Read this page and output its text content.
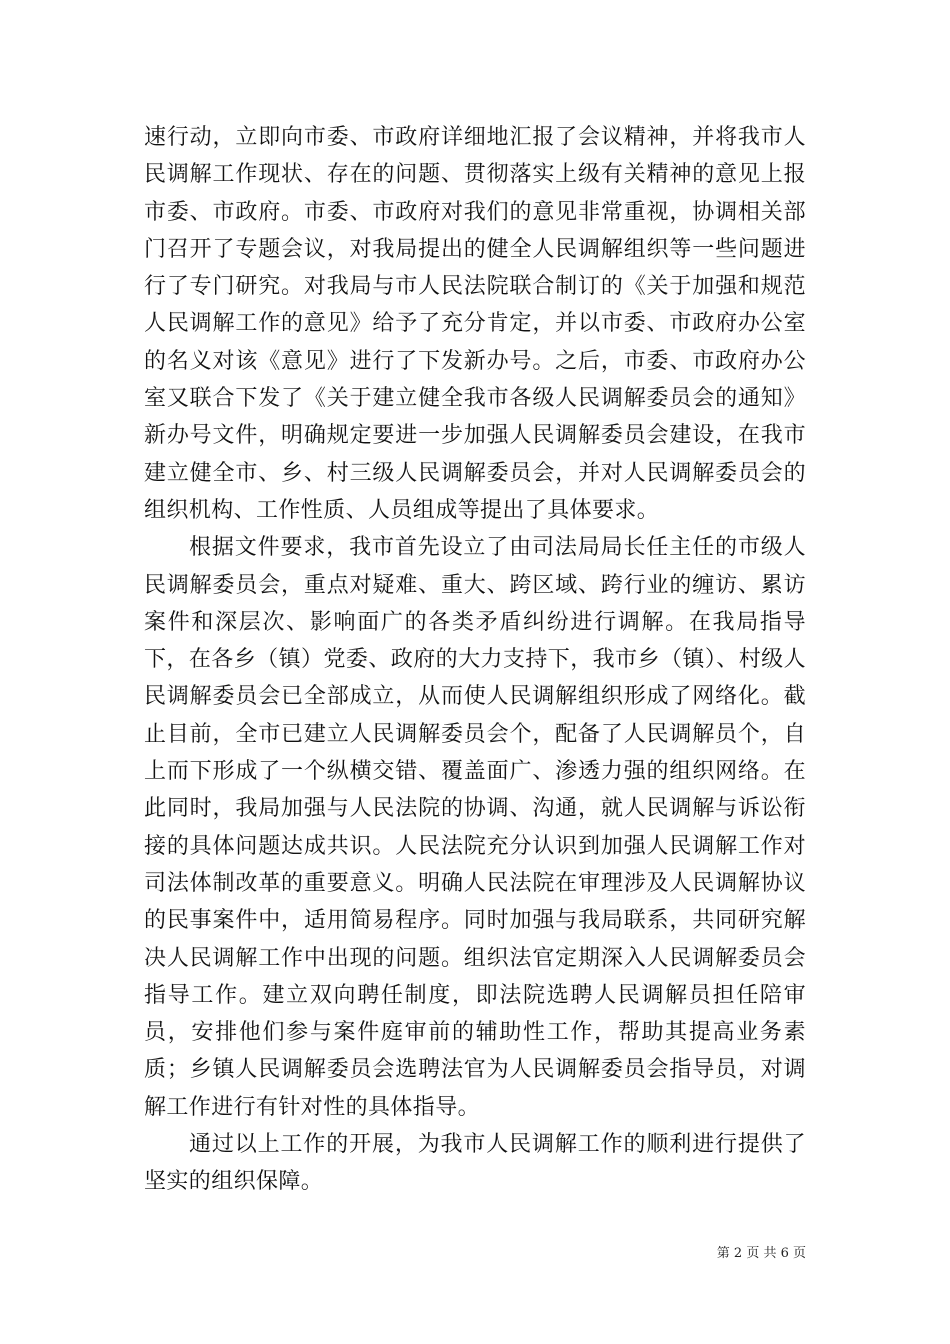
速行动，立即向市委、市政府详细地汇报了会议精神，并将我市人民调解工作现状、存在的问题、贯彻落实上级有关精神的意见上报市委、市政府。市委、市政府对我们的意见非常重视，协调相关部门召开了专题会议，对我局提出的健全人民调解组织等一些问题进行了专门研究。对我局与市人民法院联合制订的《关于加强和规范人民调解工作的意见》给予了充分肯定，并以市委、市政府办公室的名义对该《意见》进行了下发新办号。之后，市委、市政府办公室又联合下发了《关于建立健全我市各级人民调解委员会的通知》新办号文件，明确规定要进一步加强人民调解委员会建设，在我市建立健全市、乡、村三级人民调解委员会，并对人民调解委员会的组织机构、工作性质、人员组成等提出了具体要求。

根据文件要求，我市首先设立了由司法局局长任主任的市级人民调解委员会，重点对疑难、重大、跨区域、跨行业的缠访、累访案件和深层次、影响面广的各类矛盾纠纷进行调解。在我局指导下，在各乡（镇）党委、政府的大力支持下，我市乡（镇）、村级人民调解委员会已全部成立，从而使人民调解组织形成了网络化。截止目前，全市已建立人民调解委员会个，配备了人民调解员个，自上而下形成了一个纵横交错、覆盖面广、渗透力强的组织网络。在此同时，我局加强与人民法院的协调、沟通，就人民调解与诉讼衔接的具体问题达成共识。人民法院充分认识到加强人民调解工作对司法体制改革的重要意义。明确人民法院在审理涉及人民调解协议的民事案件中，适用简易程序。同时加强与我局联系，共同研究解决人民调解工作中出现的问题。组织法官定期深入人民调解委员会指导工作。建立双向聘任制度，即法院选聘人民调解员担任陪审员，安排他们参与案件庭审前的辅助性工作，帮助其提高业务素质；乡镇人民调解委员会选聘法官为人民调解委员会指导员，对调解工作进行有针对性的具体指导。

通过以上工作的开展，为我市人民调解工作的顺利进行提供了坚实的组织保障。

第 2 页 共 6 页
